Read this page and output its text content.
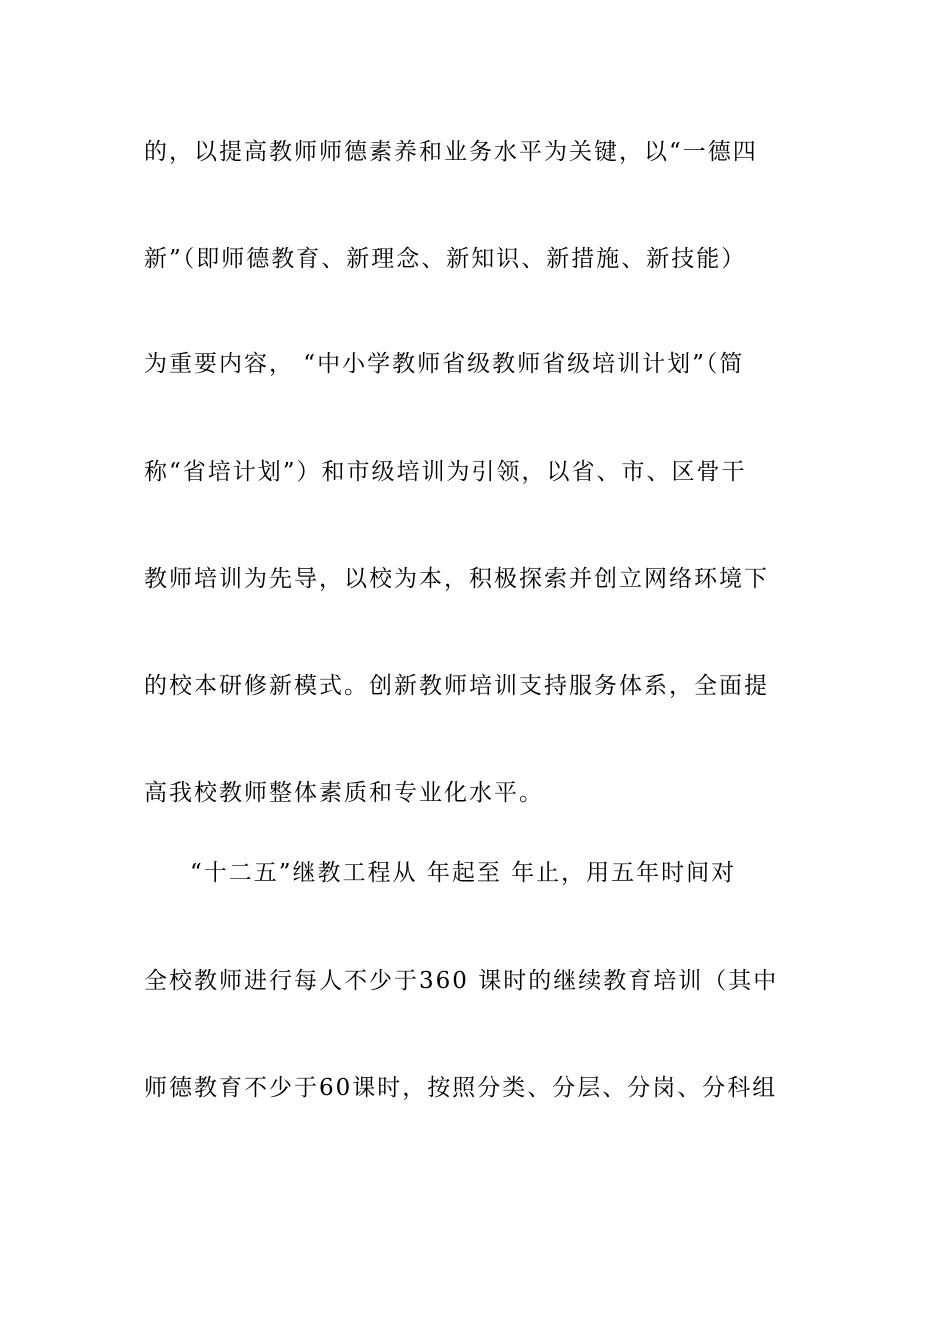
的，以提高教师师德素养和业务水平为关键，以“一德四
新”（即师德教育、新理念、新知识、新措施、新技能）
为重要内容， “中小学教师省级教师省级培训计划”（简
称“省培计划”）和市级培训为引领，以省、市、区骨干
教师培训为先导，以校为本，积极探索并创立网络环境下
的校本研修新模式。创新教师培训支持服务体系，全面提
高我校教师整体素质和专业化水平。
“十二五”继教工程从 年起至 年止，用五年时间对
全校教师进行每人不少于360 课时的继续教育培训（其中
师德教育不少于60课时，按照分类、分层、分岗、分科组
